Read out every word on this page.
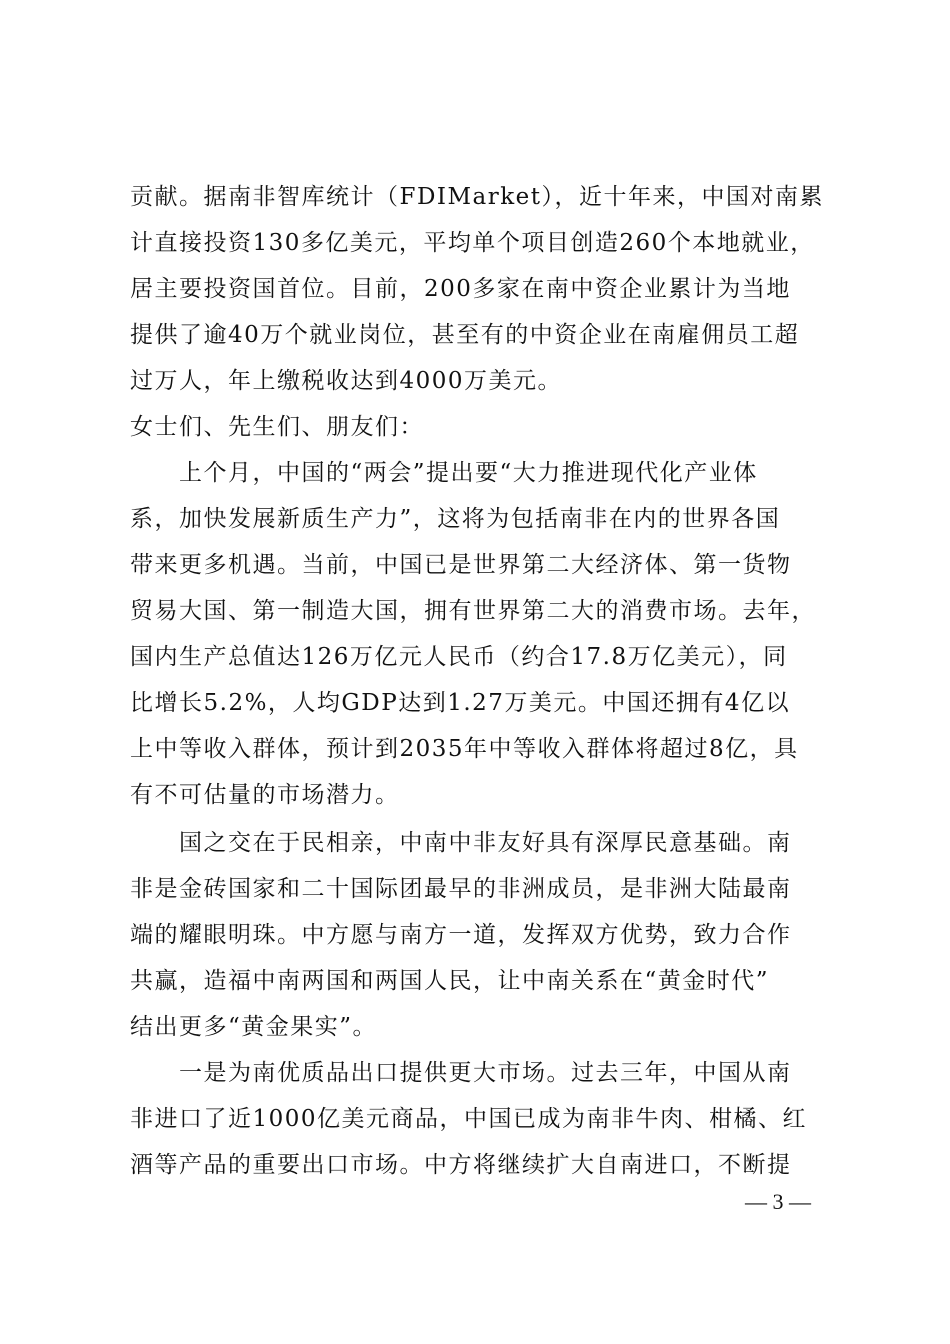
贡献。据南非智库统计（FDIMarket），近十年来，中国对南累
计直接投资130多亿美元，平均单个项目创造260个本地就业，
居主要投资国首位。目前，200多家在南中资企业累计为当地
提供了逾40万个就业岗位，甚至有的中资企业在南雇佣员工超
过万人，年上缴税收达到4000万美元。
女士们、先生们、朋友们：
　　上个月，中国的“两会”提出要“大力推进现代化产业体
系，加快发展新质生产力”，这将为包括南非在内的世界各国
带来更多机遇。当前，中国已是世界第二大经济体、第一货物
贸易大国、第一制造大国，拥有世界第二大的消费市场。去年，
国内生产总值达126万亿元人民币（约合17.8万亿美元），同
比增长5.2%，人均GDP达到1.27万美元。中国还拥有4亿以
上中等收入群体，预计到2035年中等收入群体将超过8亿，具
有不可估量的市场潜力。
　　国之交在于民相亲，中南中非友好具有深厚民意基础。南
非是金砖国家和二十国际团最早的非洲成员，是非洲大陆最南
端的耀眼明珠。中方愿与南方一道，发挥双方优势，致力合作
共赢，造福中南两国和两国人民，让中南关系在“黄金时代”
结出更多“黄金果实”。
　　一是为南优质品出口提供更大市场。过去三年，中国从南
非进口了近1000亿美元商品，中国已成为南非牛肉、柑橘、红
酒等产品的重要出口市场。中方将继续扩大自南进口，不断提
— 3 —
